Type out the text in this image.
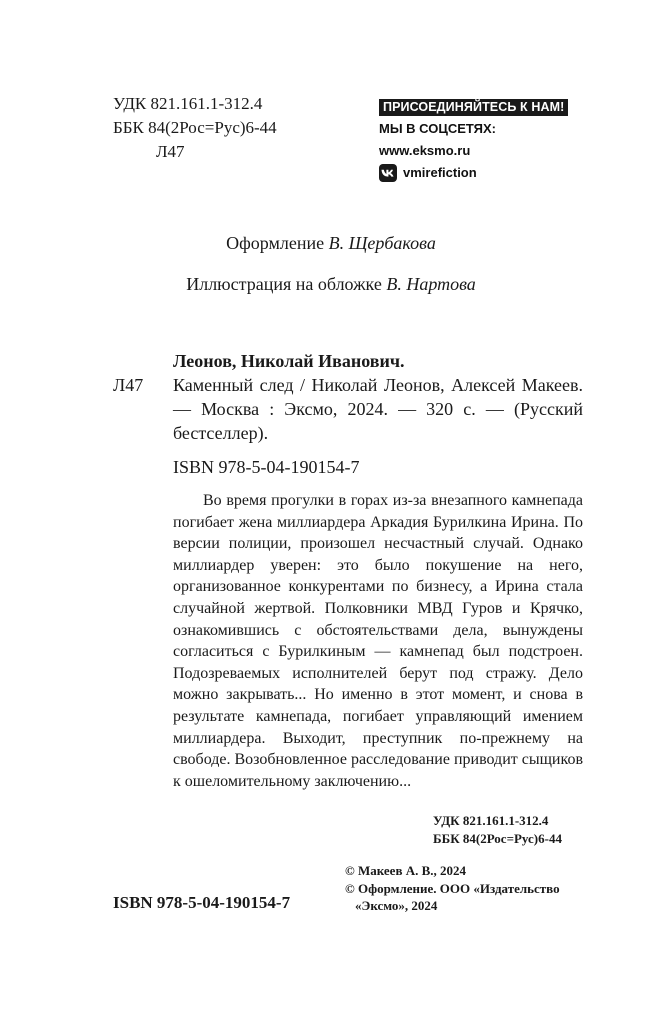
УДК 821.161.1-312.4
ББК 84(2Рос=Рус)6-44
Л47
ПРИСОЕДИНЯЙТЕСЬ К НАМ!
МЫ В СОЦСЕТЯХ:
www.eksmo.ru
vmirefiction
Оформление В. Щербакова
Иллюстрация на обложке В. Нартова
Леонов, Николай Иванович.
Л47	Каменный след / Николай Леонов, Алексей Макеев. — Москва : Эксмо, 2024. — 320 с. — (Русский бестселлер).
ISBN 978-5-04-190154-7

Во время прогулки в горах из-за внезапного камнепада погибает жена миллиардера Аркадия Бурилкина Ирина. По версии полиции, произошел несчастный случай. Однако миллиардер уверен: это было покушение на него, организованное конкурентами по бизнесу, а Ирина стала случайной жертвой. Полковники МВД Гуров и Крячко, ознакомившись с обстоятельствами дела, вынуждены согласиться с Бурилкиным — камнепад был подстроен. Подозреваемых исполнителей берут под стражу. Дело можно закрывать... Но именно в этот момент, и снова в результате камнепада, погибает управляющий имением миллиардера. Выходит, преступник по-прежнему на свободе. Возобновленное расследование приводит сыщиков к ошеломительному заключению...

УДК 821.161.1-312.4
ББК 84(2Рос=Рус)6-44
© Макеев А. В., 2024
© Оформление. ООО «Издательство
«Эксмо», 2024
ISBN 978-5-04-190154-7
